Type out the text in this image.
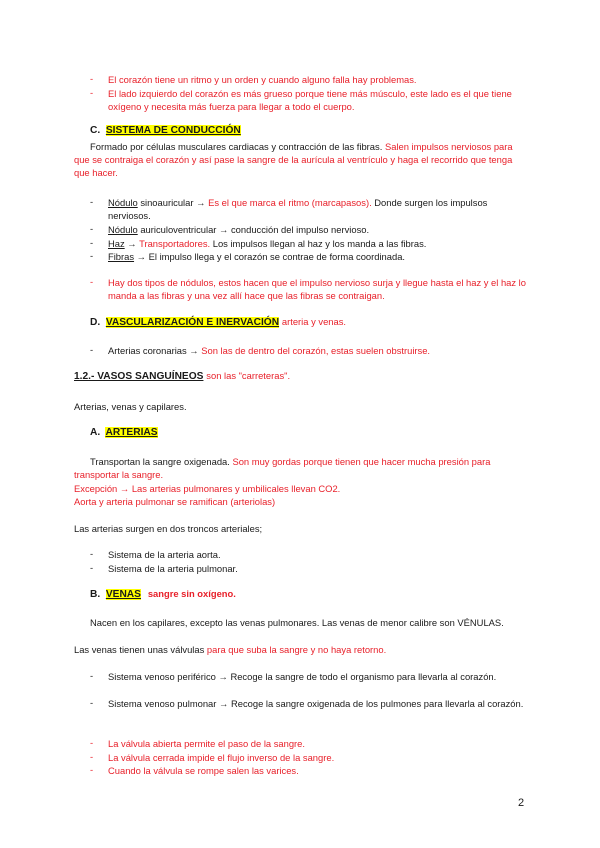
- El corazón tiene un ritmo y un orden y cuando alguno falla hay problemas.
- El lado izquierdo del corazón es más grueso porque tiene más músculo, este lado es el que tiene oxígeno y necesita más fuerza para llegar a todo el cuerpo.
C. SISTEMA DE CONDUCCIÓN
Formado por células musculares cardiacas y contracción de las fibras. Salen impulsos nerviosos para que se contraiga el corazón y así pase la sangre de la aurícula al ventrículo y haga el recorrido que tenga que hacer.
- Nódulo sinoauricular → Es el que marca el ritmo (marcapasos). Donde surgen los impulsos nerviosos.
- Nódulo auriculoventricular → conducción del impulso nervioso.
- Haz → Transportadores. Los impulsos llegan al haz y los manda a las fibras.
- Fibras → El impulso llega y el corazón se contrae de forma coordinada.
- Hay dos tipos de nódulos, estos hacen que el impulso nervioso surja y llegue hasta el haz y el haz lo manda a las fibras y una vez allí hace que las fibras se contraigan.
D. VASCULARIZACIÓN E INERVACIÓN arteria y venas.
- Arterias coronarias → Son las de dentro del corazón, estas suelen obstruirse.
1.2.- VASOS SANGUÍNEOS son las "carreteras".
Arterias, venas y capilares.
A. ARTERIAS
Transportan la sangre oxigenada. Son muy gordas porque tienen que hacer mucha presión para transportar la sangre.
Excepción → Las arterias pulmonares y umbilicales llevan CO2.
Aorta y arteria pulmonar se ramifican (arteriolas)
Las arterias surgen en dos troncos arteriales;
- Sistema de la arteria aorta.
- Sistema de la arteria pulmonar.
B. VENAS sangre sin oxígeno.
Nacen en los capilares, excepto las venas pulmonares. Las venas de menor calibre son VÉNULAS.
Las venas tienen unas válvulas para que suba la sangre y no haya retorno.
- Sistema venoso periférico → Recoge la sangre de todo el organismo para llevarla al corazón.
- Sistema venoso pulmonar → Recoge la sangre oxigenada de los pulmones para llevarla al corazón.
- La válvula abierta permite el paso de la sangre.
- La válvula cerrada impide el flujo inverso de la sangre.
- Cuando la válvula se rompe salen las varices.
2
